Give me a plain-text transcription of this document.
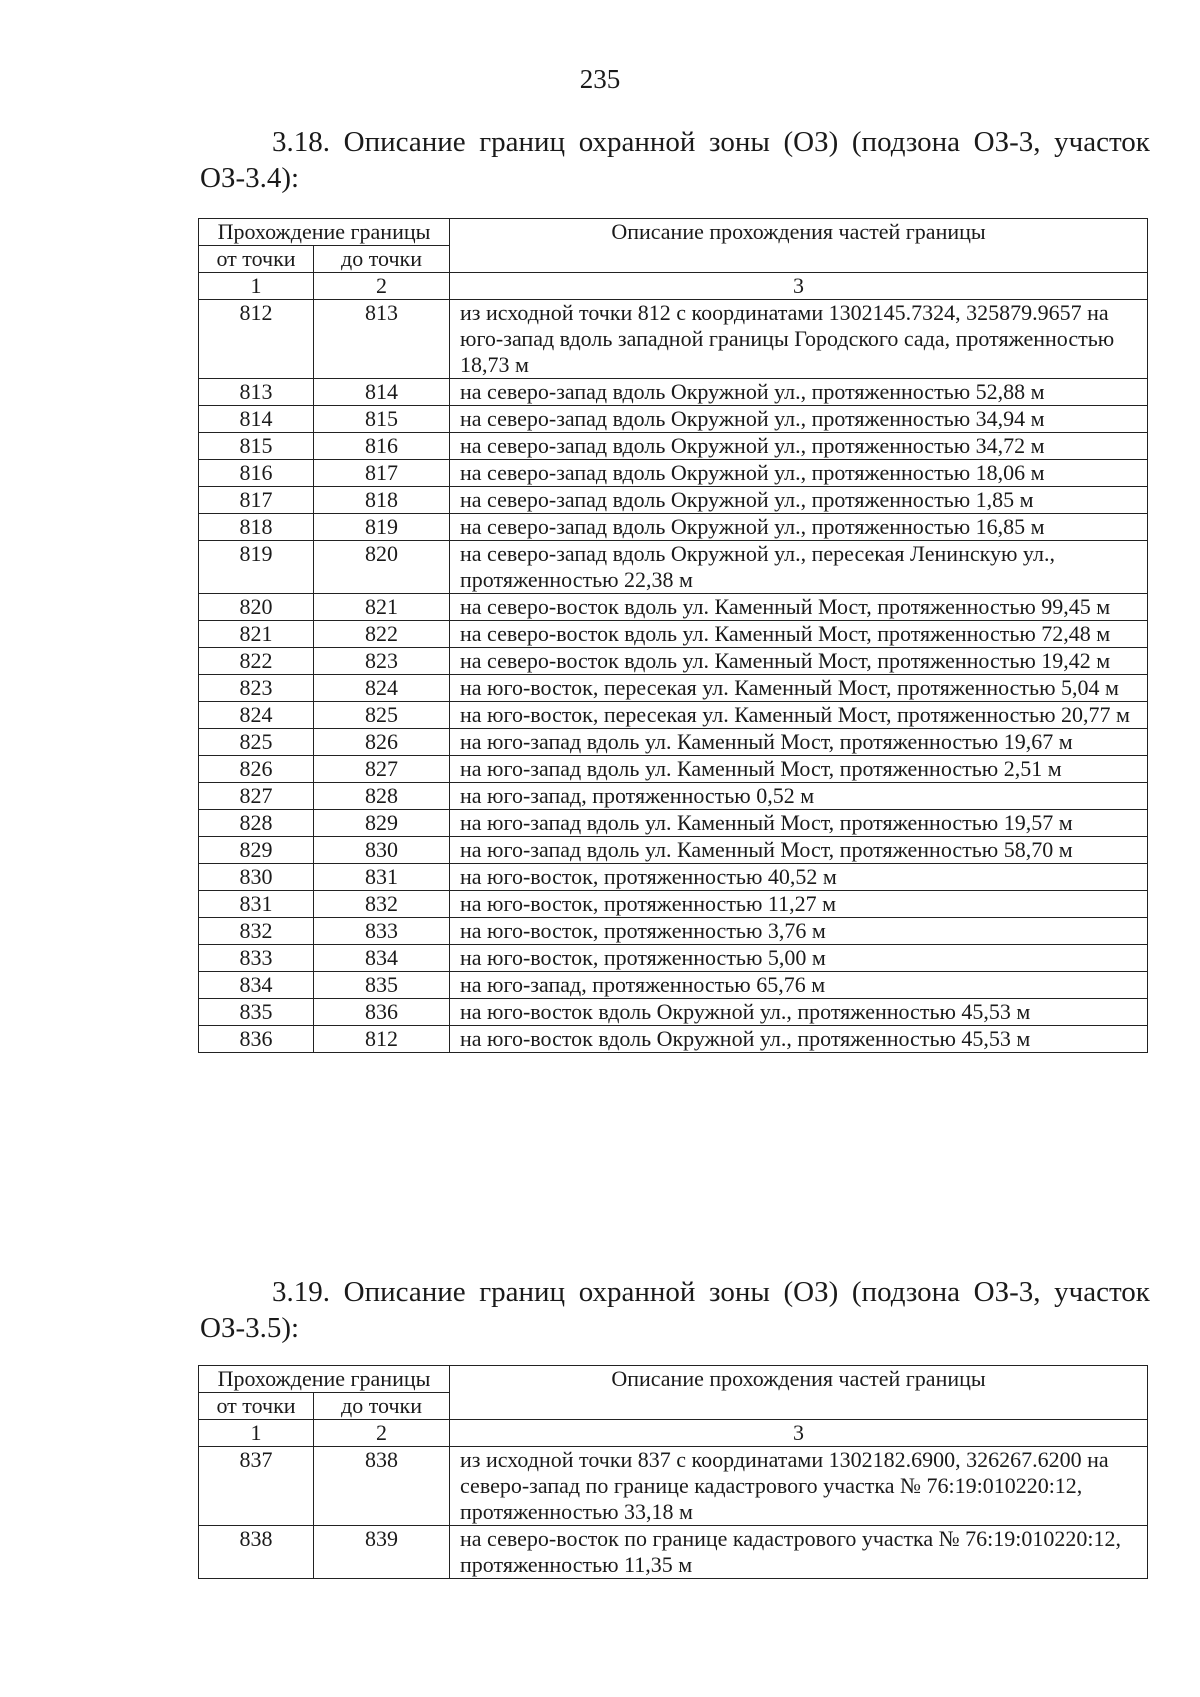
235
3.18. Описание границ охранной зоны (ОЗ) (подзона ОЗ-3, участок
ОЗ-3.4):
Прохождение границы		Описание прохождения частей границы
от точки	до точки	
1	2	3
812	813	из исходной точки 812 с координатами 1302145.7324, 325879.9657 на юго-запад вдоль западной границы Городского сада, протяженностью 18,73 м
813	814	на северо-запад вдоль Окружной ул., протяженностью 52,88 м
814	815	на северо-запад вдоль Окружной ул., протяженностью 34,94 м
815	816	на северо-запад вдоль Окружной ул., протяженностью 34,72 м
816	817	на северо-запад вдоль Окружной ул., протяженностью 18,06 м
817	818	на северо-запад вдоль Окружной ул., протяженностью 1,85 м
818	819	на северо-запад вдоль Окружной ул., протяженностью 16,85 м
819	820	на северо-запад вдоль Окружной ул., пересекая Ленинскую ул., протяженностью 22,38 м
820	821	на северо-восток вдоль ул. Каменный Мост, протяженностью 99,45 м
821	822	на северо-восток вдоль ул. Каменный Мост, протяженностью 72,48 м
822	823	на северо-восток вдоль ул. Каменный Мост, протяженностью 19,42 м
823	824	на юго-восток, пересекая ул. Каменный Мост, протяженностью 5,04 м
824	825	на юго-восток, пересекая ул. Каменный Мост, протяженностью 20,77 м
825	826	на юго-запад вдоль ул. Каменный Мост, протяженностью 19,67 м
826	827	на юго-запад вдоль ул. Каменный Мост, протяженностью 2,51 м
827	828	на юго-запад, протяженностью 0,52 м
828	829	на юго-запад вдоль ул. Каменный Мост, протяженностью 19,57 м
829	830	на юго-запад вдоль ул. Каменный Мост, протяженностью 58,70 м
830	831	на юго-восток, протяженностью 40,52 м
831	832	на юго-восток, протяженностью 11,27 м
832	833	на юго-восток, протяженностью 3,76 м
833	834	на юго-восток, протяженностью 5,00 м
834	835	на юго-запад, протяженностью 65,76 м
835	836	на юго-восток вдоль Окружной ул., протяженностью 45,53 м
836	812	на юго-восток вдоль Окружной ул., протяженностью 45,53 м
3.19. Описание границ охранной зоны (ОЗ) (подзона ОЗ-3, участок
ОЗ-3.5):
Прохождение границы		Описание прохождения частей границы
от точки	до точки	
1	2	3
837	838	из исходной точки 837 с координатами 1302182.6900, 326267.6200 на северо-запад по границе кадастрового участка № 76:19:010220:12, протяженностью 33,18 м
838	839	на северо-восток по границе кадастрового участка № 76:19:010220:12, протяженностью 11,35 м
